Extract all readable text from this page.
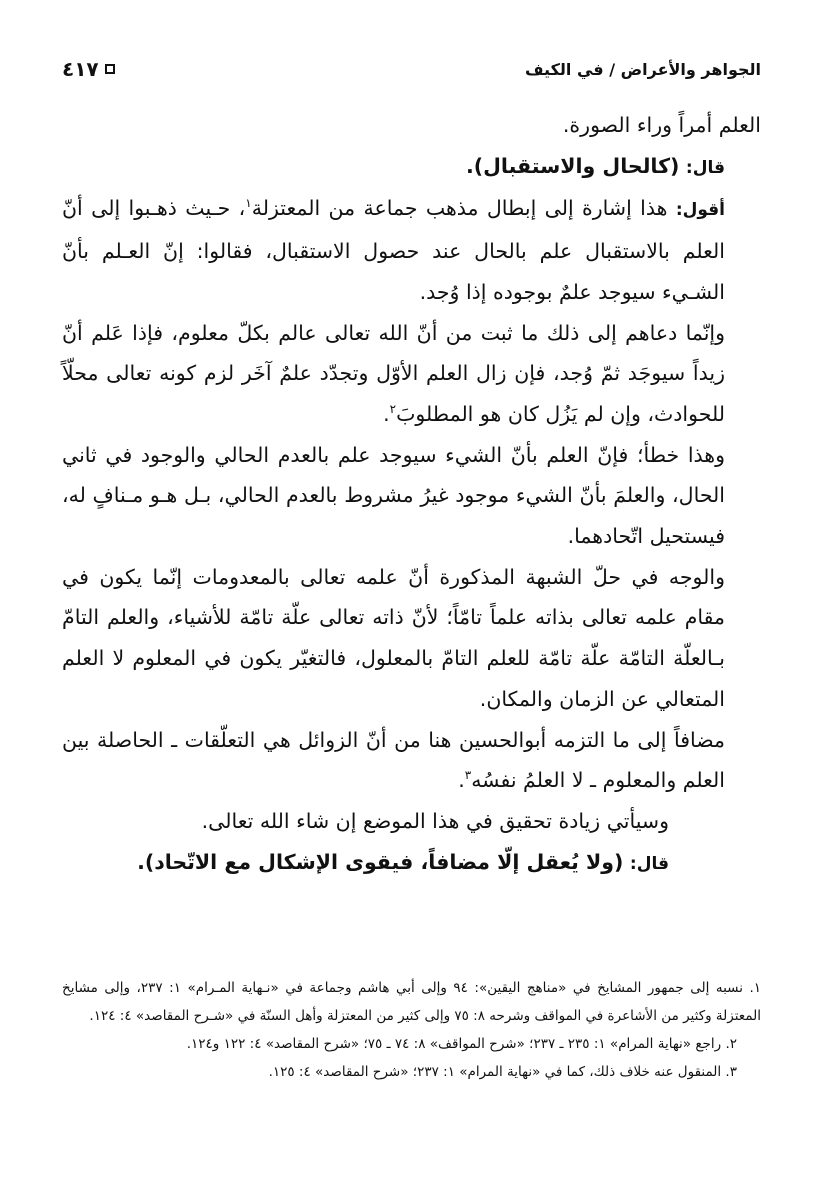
الجواهر والأعراض / في الكيف
٤١٧

العلم أمراً وراء الصورة.

قال: (كالحال والاستقبال).

أقول: هذا إشارة إلى إبطال مذهب جماعة من المعتزلة$^١$، حـيث ذهـبوا إلى أنّ العلم بالاستقبال علم بالحال عند حصول الاستقبال، فقالوا: إنّ العـلم بأنّ الشـيء سيوجد علمٌ بوجوده إذا وُجد.

وإنّما دعاهم إلى ذلك ما ثبت من أنّ الله تعالى عالم بكلّ معلوم، فإذا عَلم أنّ زيداً سيوجَد ثمّ وُجد، فإن زال العلم الأوّل وتجدّد علمٌ آخَر لزم كونه تعالى محلّاً للحوادث، وإن لم يَزُل كان هو المطلوبَ$^٢$.

وهذا خطأ؛ فإنّ العلم بأنّ الشيء سيوجد علم بالعدم الحالي والوجود في ثاني الحال، والعلمَ بأنّ الشيء موجود غيرُ مشروط بالعدم الحالي، بـل هـو مـنافٍ له، فيستحيل اتّحادهما.

والوجه في حلّ الشبهة المذكورة أنّ علمه تعالى بالمعدومات إنّما يكون في مقام علمه تعالى بذاته علماً تامّاً؛ لأنّ ذاته تعالى علّة تامّة للأشياء، والعلم التامّ بـالعلّة التامّة علّة تامّة للعلم التامّ بالمعلول، فالتغيّر يكون في المعلوم لا العلم المتعالي عن الزمان والمكان.

مضافاً إلى ما التزمه أبوالحسين هنا من أنّ الزوائل هي التعلّقات ـ الحاصلة بين العلم والمعلوم ـ لا العلمُ نفسُه$^٣$.

وسيأتي زيادة تحقيق في هذا الموضع إن شاء الله تعالى.

قال: (ولا يُعقل إلّا مضافاً، فيقوى الإشكال مع الاتّحاد).

١. نسبه إلى جمهور المشايخ في «مناهج اليقين»: ٩٤ وإلى أبي هاشم وجماعة في «نـهاية المـرام» ١: ٢٣٧، وإلى مشايخ المعتزلة وكثير من الأشاعرة في المواقف وشرحه ٨: ٧٥ وإلى كثير من المعتزلة وأهل السنّة في «شـرح المقاصد» ٤: ١٢٤.

٢. راجع «نهاية المرام» ١: ٢٣٥ ـ ٢٣٧؛ «شرح المواقف» ٨: ٧٤ ـ ٧٥؛ «شرح المقاصد» ٤: ١٢٢ و١٢٤.

٣. المنقول عنه خلاف ذلك، كما في «نهاية المرام» ١: ٢٣٧؛ «شرح المقاصد» ٤: ١٢٥.
